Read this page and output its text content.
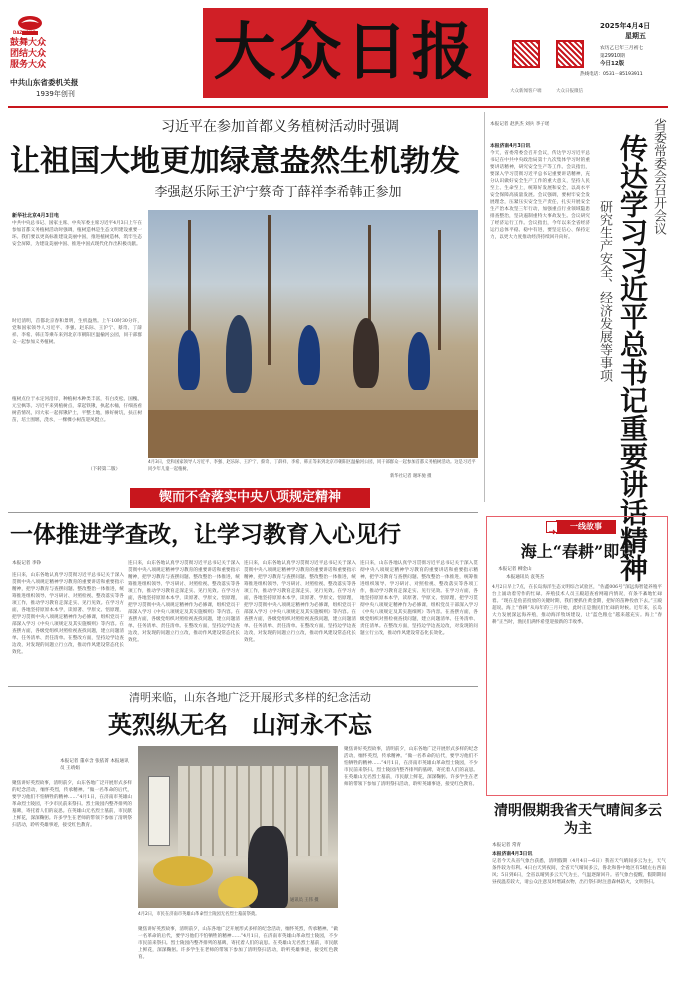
DAZHONG
鼓舞大众
团结大众
服务大众
中共山东省委机关报
1939年创刊
大众日报
大众新闻客户端	大众日报微信
2025年4月4日
星期五
农历乙巳年三月初七
第29910期
今日12版
热线电话：0531－85193911
习近平在参加首都义务植树活动时强调
让祖国大地更加绿意盎然生机勃发
李强赵乐际王沪宁蔡奇丁薛祥李希韩正参加
新华社北京4月3日电
中共中央总书记、国家主席、中央军委主席习近平4月3日上午在参加首都义务植树活动时强调，植树造林是生态文明建设重要一环。我们要以更高标准建设美丽中国，推进植树造林，筑牢生态安全屏障，为建设美丽中国、推进中国式现代化作出积极贡献。
时近清明，首都北京春和景明，生机盎然。上午10时30分许，党和国家领导人习近平、李强、赵乐际、王沪宁、蔡奇、丁薛祥、李希、韩正等乘车来到北京市朝阳区温榆河公园，同干部群众一起参加义务植树。
植树点位于永定河沿岸，种植树木种类丰富，有白皮松、国槐、元宝枫等。习近平来到植树点，拿起铁锹，执起水桶，仔细查看树苗情况，同大家一起挥锹铲土，平整土地，修好树坑，扶正树苗，培土围堰，浇水，一棵棵小树苗迎风挺立。
（下转第二版）
4月3日，党和国家领导人习近平、李强、赵乐际、王沪宁、蔡奇、丁薛祥、李希、韩正等来到北京市朝阳区温榆河公园，同干部群众一起参加首都义务植树活动。这是习近平同少年儿童一起植树。
新华社记者 谢环驰 摄
省委常委会召开会议
传达学习习近平总书记重要讲话精神
研究生产安全、经济发展等事项
本报记者 赵洪杰 刘兵 李子瑶
本报济南4月3日讯
今天，省委常委会召开会议，传达学习习近平总书记在中共中央政治局第十九次集体学习时的重要讲话精神，研究安全生产等工作。会议指出，要深入学习贯彻习近平总书记重要讲话精神，充分认识做好安全生产工作的重大意义，坚持人民至上、生命至上，统筹好发展和安全，以高水平安全保障高质量发展。会议强调，要树牢安全发展理念，压紧压实安全生产责任，扎实开展安全生产治本攻坚三年行动，加强重点行业领域隐患排查整治，坚决遏制重特大事故发生。会议研究了经济运行工作。会议指出，今年以来全省经济运行总体平稳、稳中有进，要坚定信心、保持定力，以更大力度推动经济持续回升向好。
锲而不舍落实中央八项规定精神
一体推进学查改，让学习教育入心见行
本报记者 李铮
连日来，山东各地认真学习贯彻习近平总书记关于深入贯彻中央八项规定精神学习教育的重要讲话和重要指示精神，把学习教育与查摆问题、整改整治一体推进，统筹推进组织领导、学习研讨、对照检视、整改落实等各项工作，推动学习教育走深走实、见行见效。在学习方面，各地坚持原原本本学，读原著、学原文、悟原理，把学习贯彻中央八项规定精神作为必修课，组织党员干部深入学习《中央八项规定及其实施细则》等内容。在查摆方面，各级党组织对照检视查找问题，建立问题清单、任务清单、责任清单。在整改方面，坚持边学边查边改，对发现的问题立行立改，推动作风建设常态化长效化。
连日来，山东各地认真学习贯彻习近平总书记关于深入贯彻中央八项规定精神学习教育的重要讲话和重要指示精神，把学习教育与查摆问题、整改整治一体推进，统筹推进组织领导、学习研讨、对照检视、整改落实等各项工作，推动学习教育走深走实、见行见效。在学习方面，各地坚持原原本本学，读原著、学原文、悟原理，把学习贯彻中央八项规定精神作为必修课，组织党员干部深入学习《中央八项规定及其实施细则》等内容。在查摆方面，各级党组织对照检视查找问题，建立问题清单、任务清单、责任清单。在整改方面，坚持边学边查边改，对发现的问题立行立改，推动作风建设常态化长效化。
连日来，山东各地认真学习贯彻习近平总书记关于深入贯彻中央八项规定精神学习教育的重要讲话和重要指示精神，把学习教育与查摆问题、整改整治一体推进，统筹推进组织领导、学习研讨、对照检视、整改落实等各项工作，推动学习教育走深走实、见行见效。在学习方面，各地坚持原原本本学，读原著、学原文、悟原理，把学习贯彻中央八项规定精神作为必修课，组织党员干部深入学习《中央八项规定及其实施细则》等内容。在查摆方面，各级党组织对照检视查找问题，建立问题清单、任务清单、责任清单。在整改方面，坚持边学边查边改，对发现的问题立行立改，推动作风建设常态化长效化。
连日来，山东各地认真学习贯彻习近平总书记关于深入贯彻中央八项规定精神学习教育的重要讲话和重要指示精神，把学习教育与查摆问题、整改整治一体推进，统筹推进组织领导、学习研讨、对照检视、整改落实等各项工作，推动学习教育走深走实、见行见效。在学习方面，各地坚持原原本本学，读原著、学原文、悟原理，把学习贯彻中央八项规定精神作为必修课，组织党员干部深入学习《中央八项规定及其实施细则》等内容。在查摆方面，各级党组织对照检视查找问题，建立问题清单、任务清单、责任清单。在整改方面，坚持边学边查边改，对发现的问题立行立改，推动作风建设常态化长效化。
一线故事
海上“春耕”即景
本报记者 柳金山
本报通讯员 袁英杰
4月2日早上7点，在长岛海洋生态文明综合试验区，“佐鑫006号”深远海智能养殖平台上涌动着劳作的忙碌。养殖技术人员王殿超查看网箱内情况，有条不紊地忙碌着。“现在是鱼苗投放的关键时期，我们要抓住黄金期，把好的苗种投放下去。”王殿超说。海上“春耕”从每年的三月开始，此时正是渔民们忙碌的时候。近年来，长岛大力发展深远海养殖，推动海洋牧场建设，让“蓝色粮仓”越来越充实。海上“春耕”正当时，渔民们满怀希望迎接新的丰收季。
清明来临，山东各地广泛开展形式多样的纪念活动
英烈纵无名　山河永不忘
本报记者 董卓含 张依菁 本报通讯员 王靖娟
聚焦讲好英烈故事，清明前夕，山东各地广泛开展形式多样的纪念活动，缅怀英烈，传承精神。“做一名革命的后代，要学习他们不怕牺牲的精神……”4月1日，在济南市英雄山革命烈士陵园，不少市民前来祭扫。烈士陵园内整齐排列的墓碑，寄托着人们的哀思。在英雄山无名烈士墓前，市民献上鲜花，深深鞠躬。许多学生在老师的带领下参加了清明祭扫活动，聆听英雄事迹，接受红色教育。
4月2日，市民在济南市英雄山革命烈士陵园无名烈士墓前祭奠。
通讯员 王伟 摄
聚焦讲好英烈故事，清明前夕，山东各地广泛开展形式多样的纪念活动，缅怀英烈，传承精神。“做一名革命的后代，要学习他们不怕牺牲的精神……”4月1日，在济南市英雄山革命烈士陵园，不少市民前来祭扫。烈士陵园内整齐排列的墓碑，寄托着人们的哀思。在英雄山无名烈士墓前，市民献上鲜花，深深鞠躬。许多学生在老师的带领下参加了清明祭扫活动，聆听英雄事迹，接受红色教育。
聚焦讲好英烈故事，清明前夕，山东各地广泛开展形式多样的纪念活动，缅怀英烈，传承精神。“做一名革命的后代，要学习他们不怕牺牲的精神……”4月1日，在济南市英雄山革命烈士陵园，不少市民前来祭扫。烈士陵园内整齐排列的墓碑，寄托着人们的哀思。在英雄山无名烈士墓前，市民献上鲜花，深深鞠躬。许多学生在老师的带领下参加了清明祭扫活动，聆听英雄事迹，接受红色教育。
清明假期我省天气晴间多云为主
本报记者 常青
本报济南4月3日讯
记者今天从省气象台获悉，清明假期（4月4日—6日）我省天气晴间多云为主，天气条件较为有利。4日白天到夜间，全省天气晴间多云，鲁北和鲁中地区有5级左右西南风；5日到6日，全省以晴到多云天气为主，气温逐渐回升。省气象台提醒，假期期间昼夜温差较大，请公众注意及时增减衣物，出行祭扫时注意森林防火，文明祭扫。
